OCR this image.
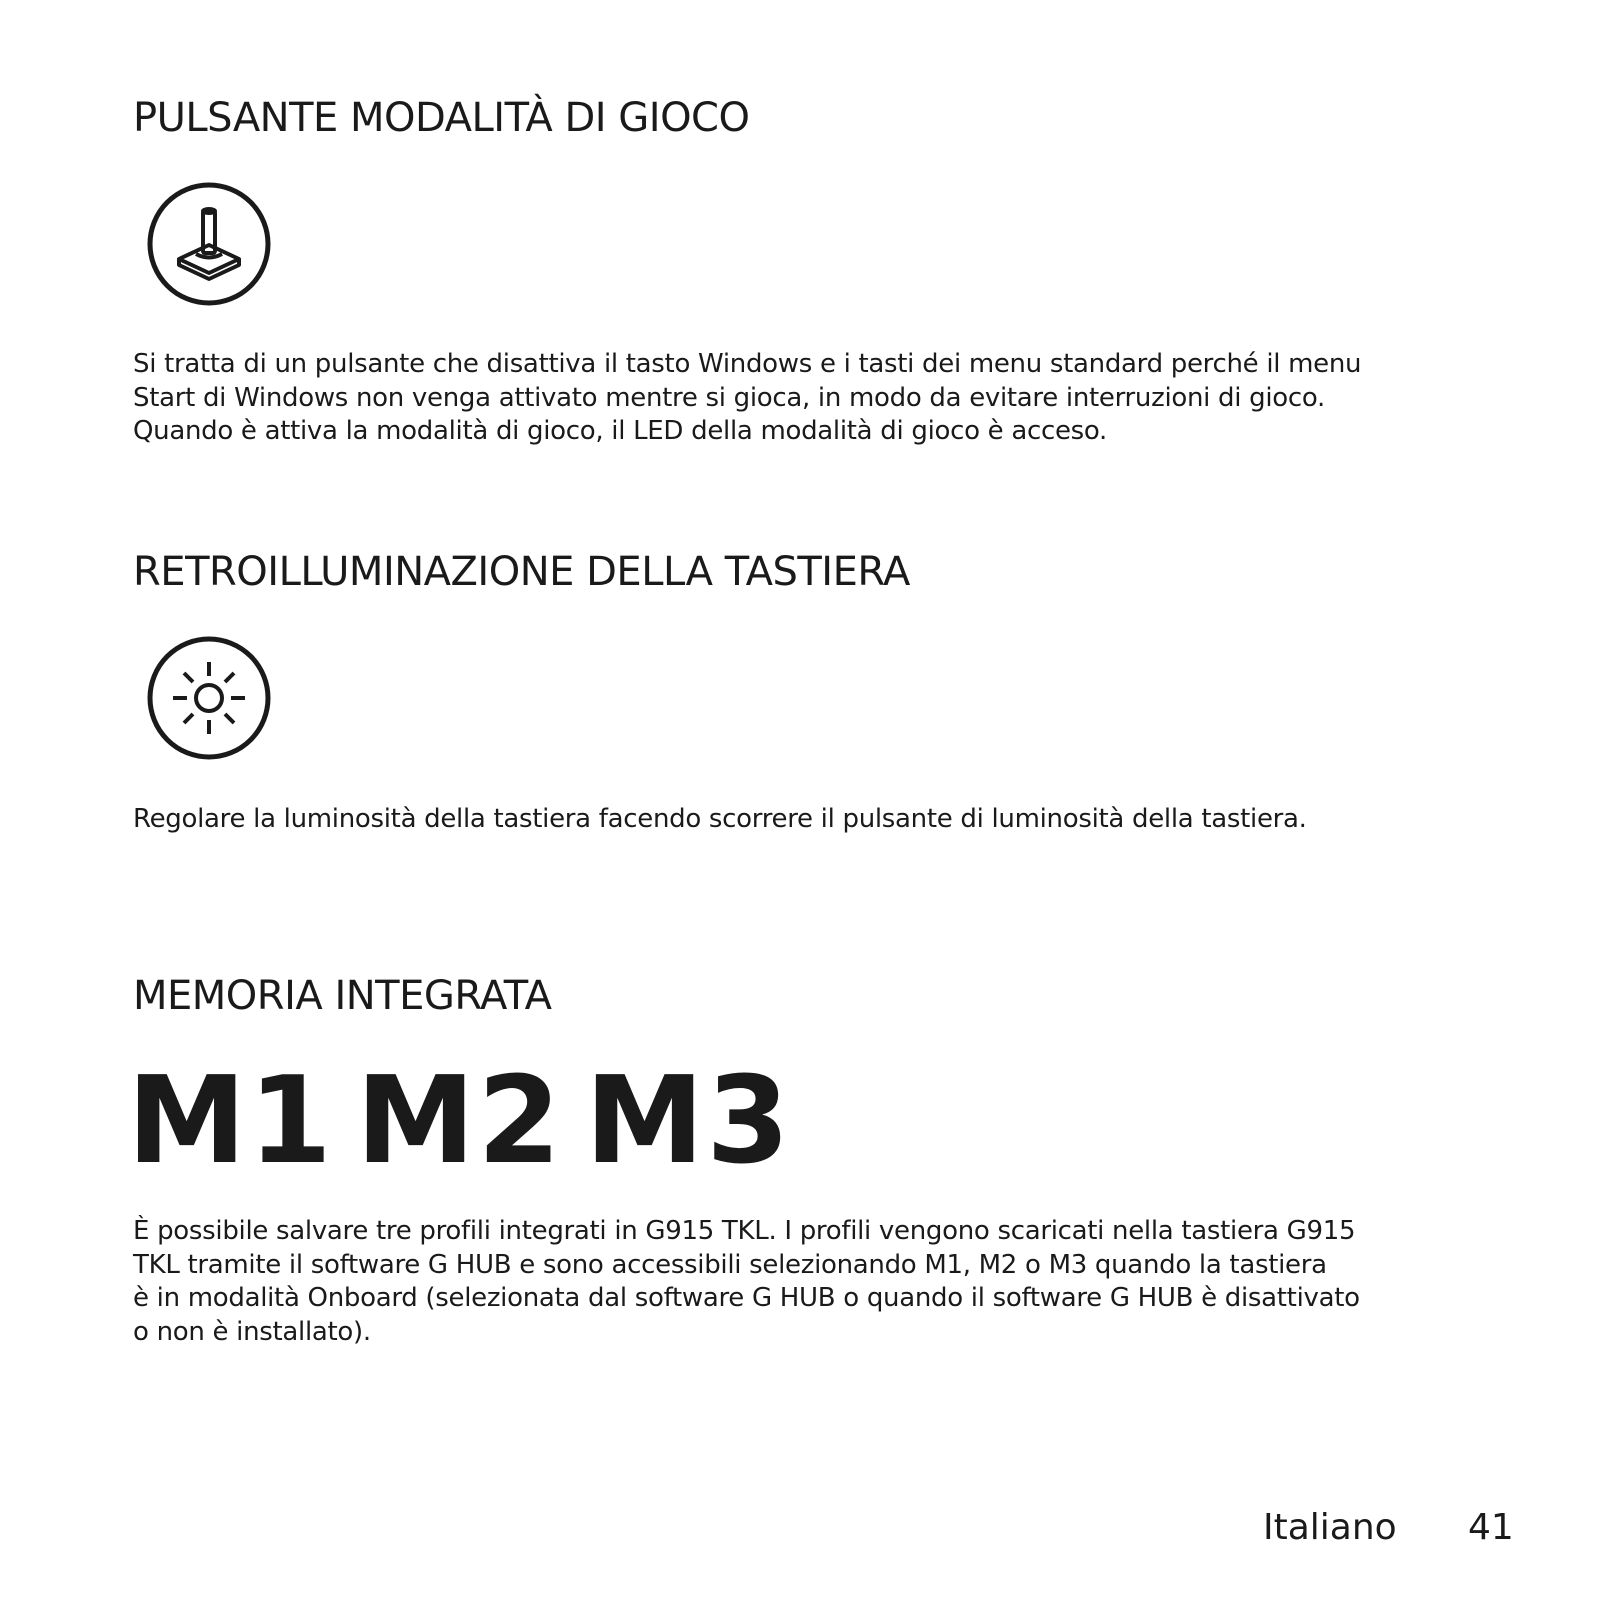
PULSANTE MODALITÀ DI GIOCO

Si tratta di un pulsante che disattiva il tasto Windows e i tasti dei menu standard perché il menu
Start di Windows non venga attivato mentre si gioca, in modo da evitare interruzioni di gioco.
Quando è attiva la modalità di gioco, il LED della modalità di gioco è acceso.

RETROILLUMINAZIONE DELLA TASTIERA

Regolare la luminosità della tastiera facendo scorrere il pulsante di luminosità della tastiera.

MEMORIA INTEGRATA
M1 M2 M3

È possibile salvare tre profili integrati in G915 TKL. I profili vengono scaricati nella tastiera G915
TKL tramite il software G HUB e sono accessibili selezionando M1, M2 o M3 quando la tastiera
è in modalità Onboard (selezionata dal software G HUB o quando il software G HUB è disattivato
o non è installato).

Italiano 41
